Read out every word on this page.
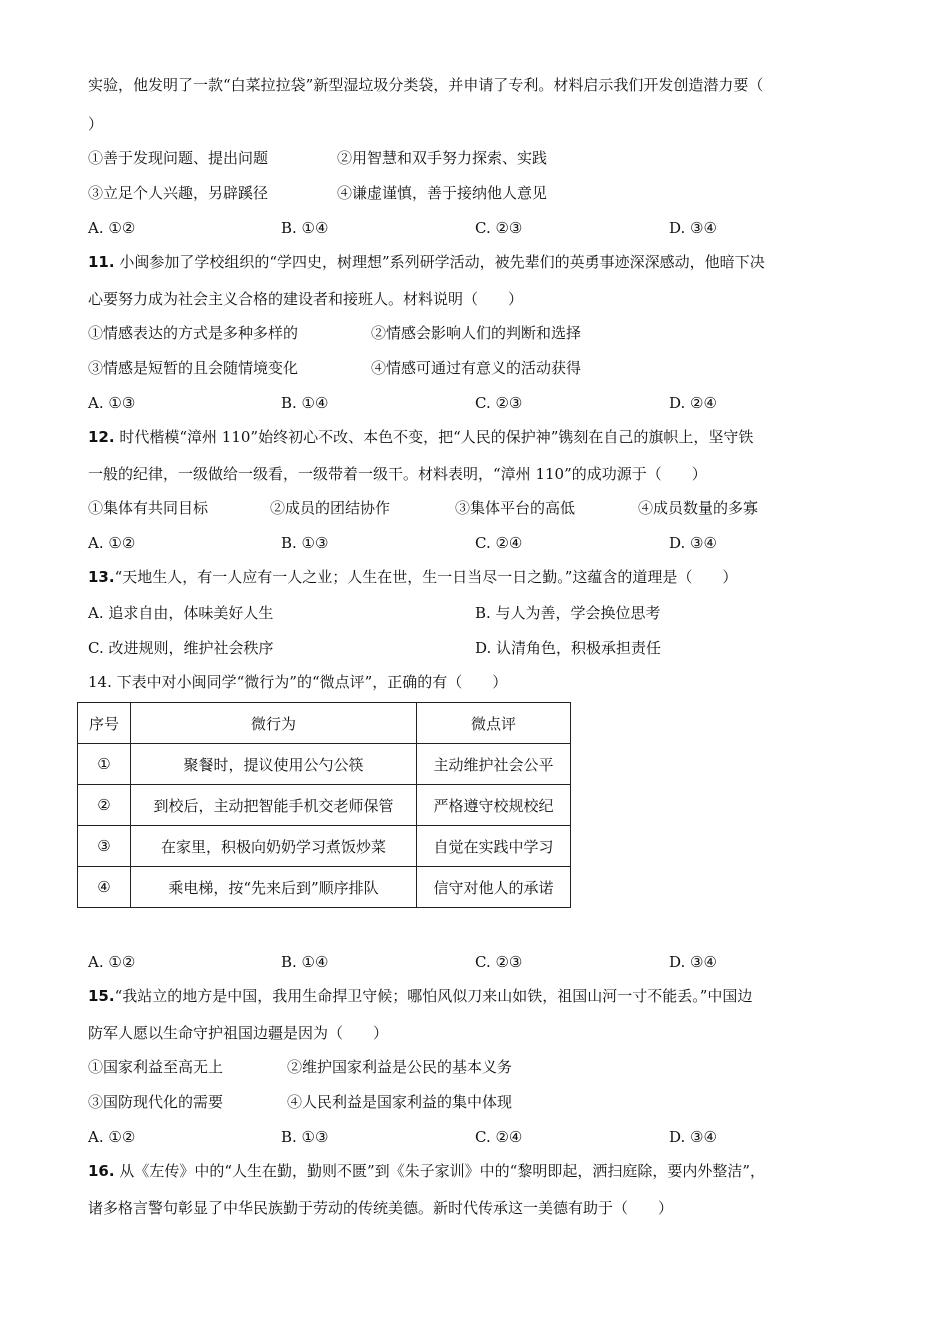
实验，他发明了一款“白菜拉拉袋”新型湿垃圾分类袋，并申请了专利。材料启示我们开发创造潜力要（
）
①善于发现问题、提出问题	②用智慧和双手努力探索、实践
③立足个人兴趣，另辟蹊径	④谦虚谨慎，善于接纳他人意见
A. ①②	B. ①④	C. ②③	D. ③④
11. 小闽参加了学校组织的“学四史，树理想”系列研学活动，被先辈们的英勇事迹深深感动，他暗下决
心要努力成为社会主义合格的建设者和接班人。材料说明（　　）
①情感表达的方式是多种多样的	②情感会影响人们的判断和选择
③情感是短暂的且会随情境变化	④情感可通过有意义的活动获得
A. ①③	B. ①④	C. ②③	D. ②④
12. 时代楷模“漳州 110”始终初心不改、本色不变，把“人民的保护神”镌刻在自己的旗帜上，坚守铁
一般的纪律，一级做给一级看，一级带着一级干。材料表明，“漳州 110”的成功源于（　　）
①集体有共同目标	②成员的团结协作	③集体平台的高低	④成员数量的多寡
A. ①②	B. ①③	C. ②④	D. ③④
13.“天地生人，有一人应有一人之业；人生在世，生一日当尽一日之勤。”这蕴含的道理是（　　）
A. 追求自由，体味美好人生	B. 与人为善，学会换位思考
C. 改进规则，维护社会秩序	D. 认清角色，积极承担责任
14. 下表中对小闽同学“微行为”的“微点评”，正确的有（　　）
序号	微行为	微点评
①	聚餐时，提议使用公勺公筷	主动维护社会公平
②	到校后，主动把智能手机交老师保管	严格遵守校规校纪
③	在家里，积极向奶奶学习煮饭炒菜	自觉在实践中学习
④	乘电梯，按“先来后到”顺序排队	信守对他人的承诺
A. ①②	B. ①④	C. ②③	D. ③④
15.“我站立的地方是中国，我用生命捍卫守候；哪怕风似刀来山如铁，祖国山河一寸不能丢。”中国边
防军人愿以生命守护祖国边疆是因为（　　）
①国家利益至高无上	②维护国家利益是公民的基本义务
③国防现代化的需要	④人民利益是国家利益的集中体现
A. ①②	B. ①③	C. ②④	D. ③④
16. 从《左传》中的“人生在勤，勤则不匮”到《朱子家训》中的“黎明即起，洒扫庭除，要内外整洁”，
诸多格言警句彰显了中华民族勤于劳动的传统美德。新时代传承这一美德有助于（　　）
